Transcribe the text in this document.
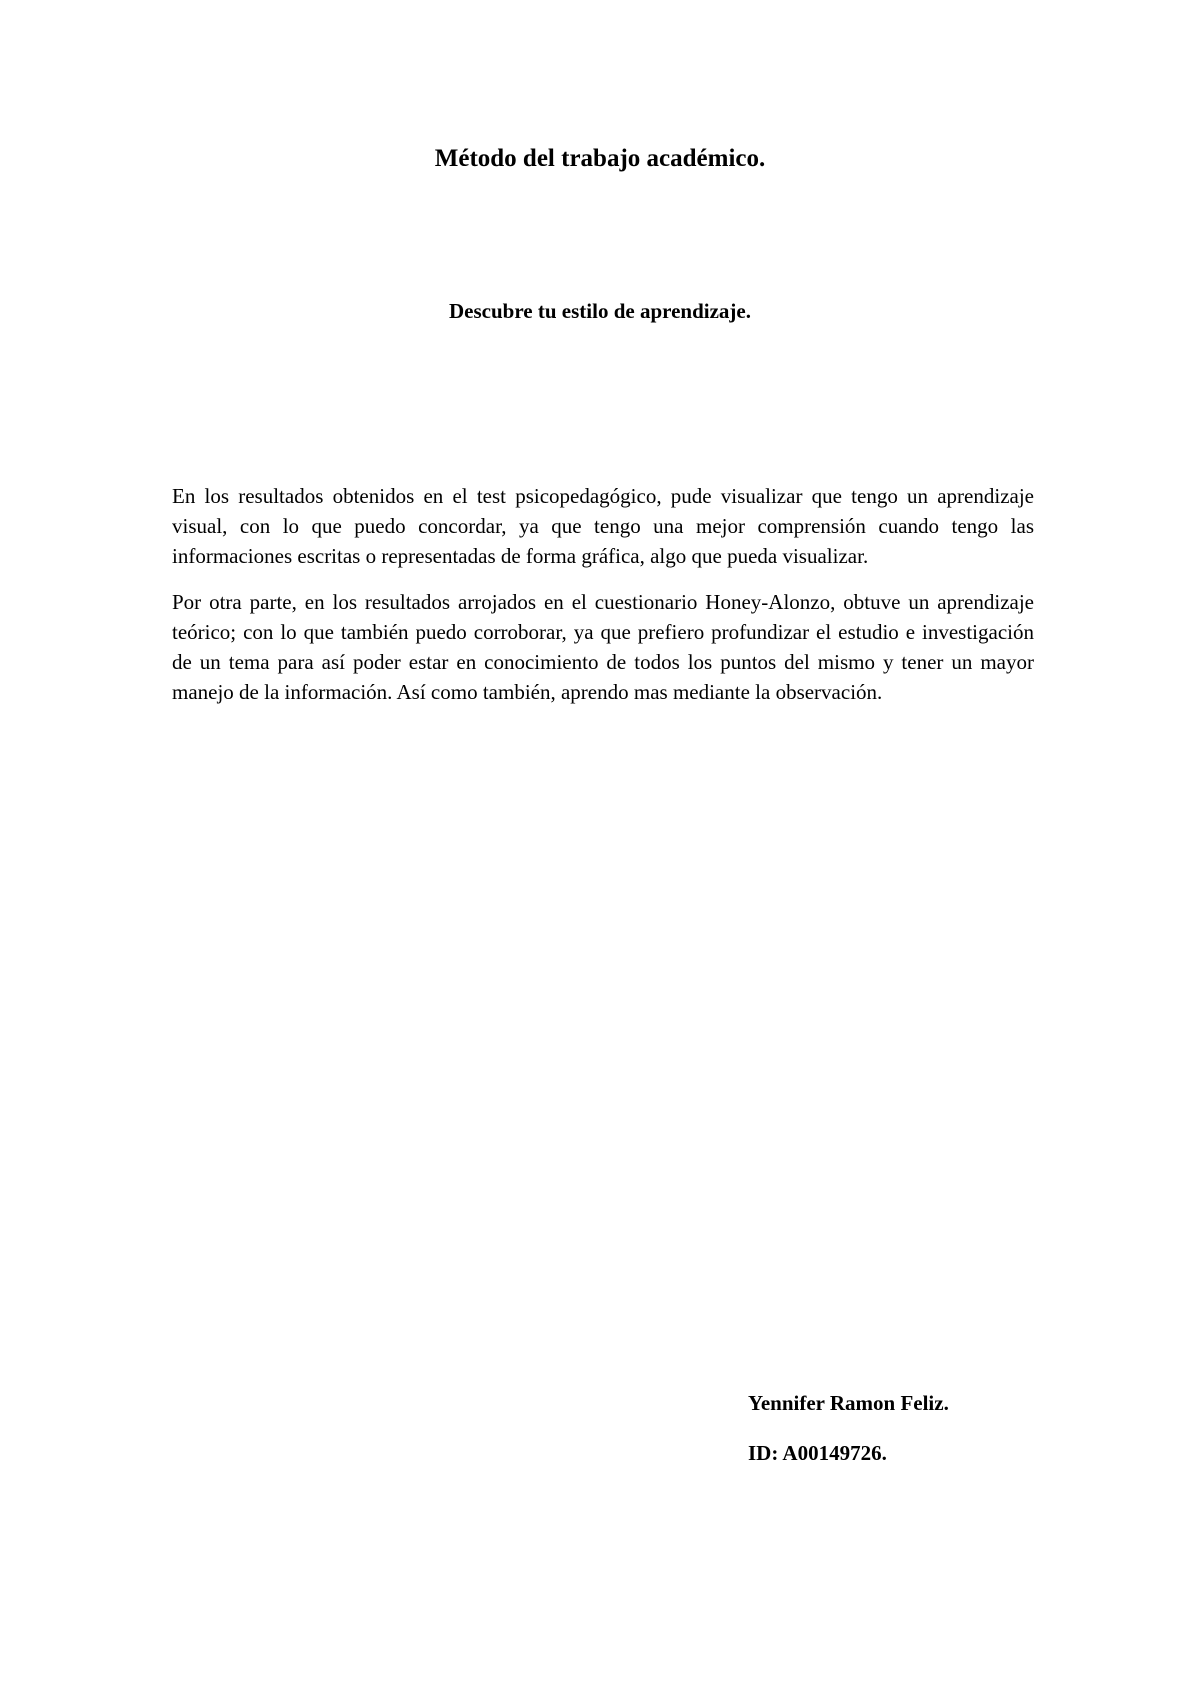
Método del trabajo académico.
Descubre tu estilo de aprendizaje.

En los resultados obtenidos en el test psicopedagógico, pude visualizar que tengo un aprendizaje visual, con lo que puedo concordar, ya que tengo una mejor comprensión cuando tengo las informaciones escritas o representadas de forma gráfica, algo que pueda visualizar.

Por otra parte, en los resultados arrojados en el cuestionario Honey-Alonzo, obtuve un aprendizaje teórico; con lo que también puedo corroborar, ya que prefiero profundizar el estudio e investigación de un tema para así poder estar en conocimiento de todos los puntos del mismo y tener un mayor manejo de la información. Así como también, aprendo mas mediante la observación.

Yennifer Ramon Feliz.

ID: A00149726.
